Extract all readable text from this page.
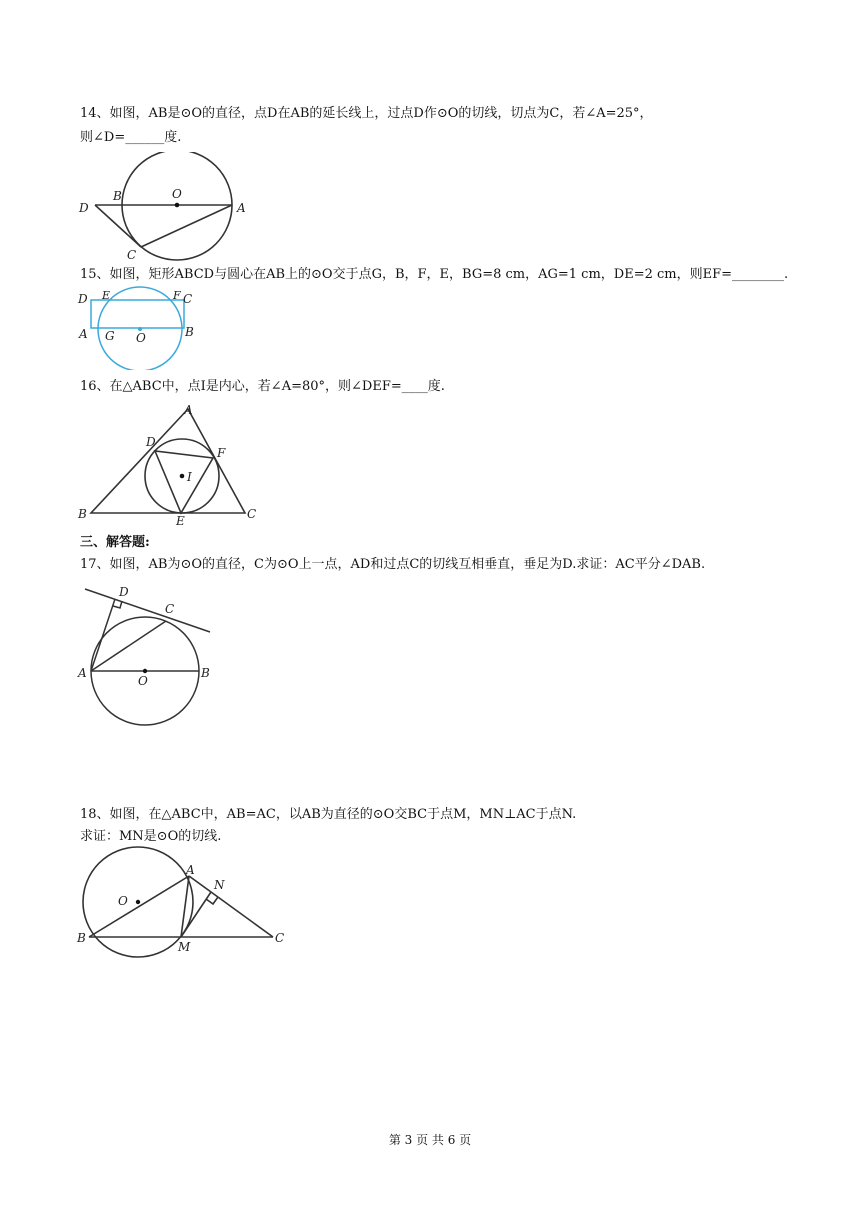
14、如图，AB是⊙O的直径，点D在AB的延长线上，过点D作⊙O的切线，切点为C，若∠A=25°，
则∠D=______度.
D
B	O
A
C
15、如图，矩形ABCD与圆心在AB上的⊙O交于点G，B，F，E，BG=8 cm，AG=1 cm，DE=2 cm，则EF=________.
D E	F C
A G O	B
16、在△ABC中，点I是内心，若∠A=80°，则∠DEF=____度.
A
D
F
I
B	E	C
三、解答题:
17、如图，AB为⊙O的直径，C为⊙O上一点，AD和过点C的切线互相垂直，垂足为D.求证：AC平分∠DAB.
D
C
A
O
B
18、如图，在△ABC中，AB=AC，以AB为直径的⊙O交BC于点M，MN⊥AC于点N.
求证：MN是⊙O的切线.
A
N
O
B
M
C
第 3 页 共 6 页
